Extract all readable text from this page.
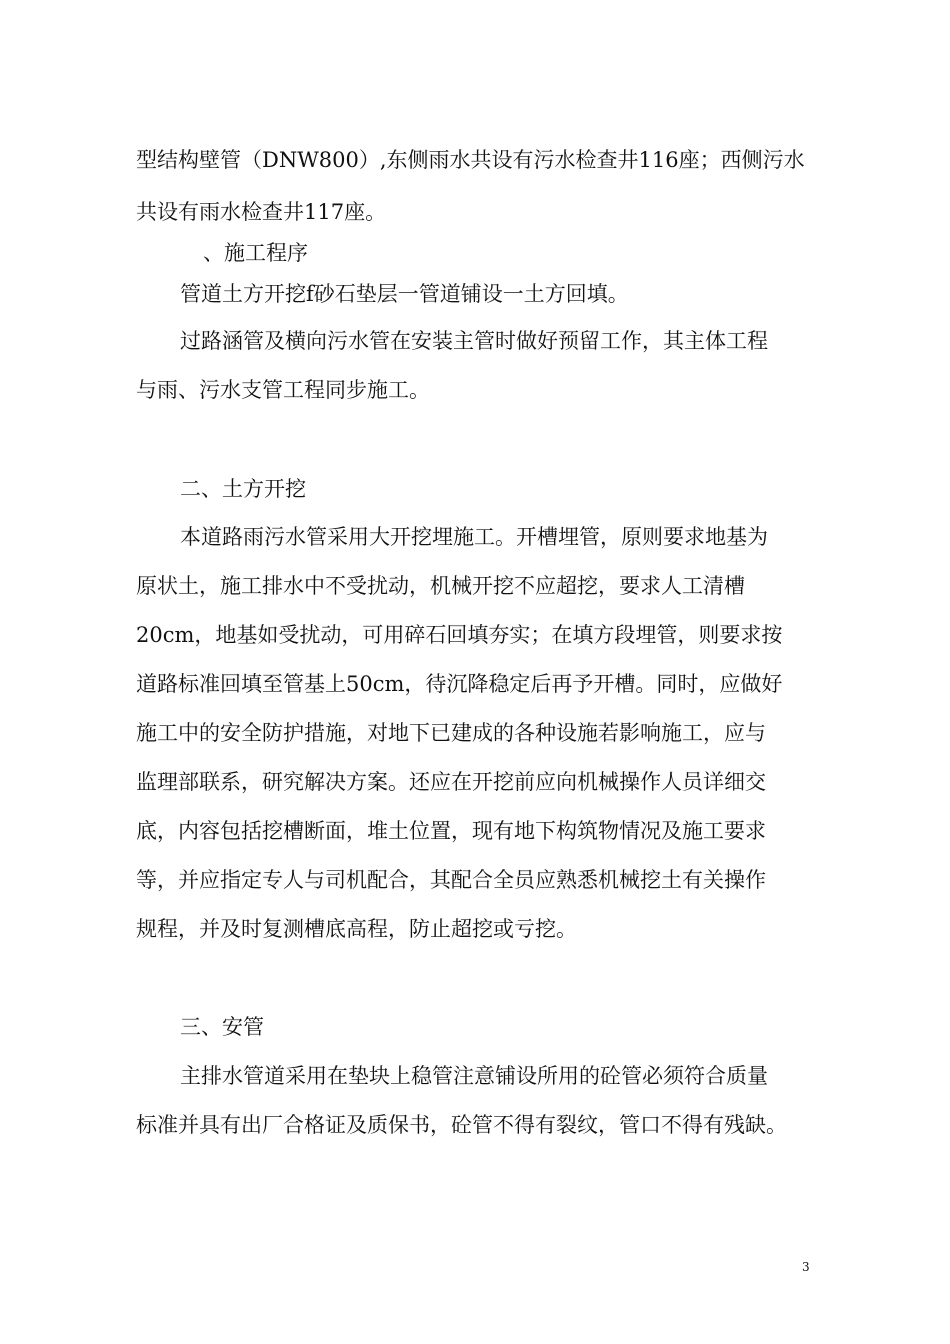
型结构壁管（DNW800）,东侧雨水共设有污水检查井116座；西侧污水
共设有雨水检查井117座。
、施工程序
管道土方开挖f砂石垫层一管道铺设一土方回填。
过路涵管及横向污水管在安装主管时做好预留工作，其主体工程
与雨、污水支管工程同步施工。
二、土方开挖
本道路雨污水管采用大开挖埋施工。开槽埋管，原则要求地基为
原状土，施工排水中不受扰动，机械开挖不应超挖，要求人工清槽
20cm，地基如受扰动，可用碎石回填夯实；在填方段埋管，则要求按
道路标准回填至管基上50cm，待沉降稳定后再予开槽。同时，应做好
施工中的安全防护措施，对地下已建成的各种设施若影响施工，应与
监理部联系，研究解决方案。还应在开挖前应向机械操作人员详细交
底，内容包括挖槽断面，堆土位置，现有地下构筑物情况及施工要求
等，并应指定专人与司机配合，其配合全员应熟悉机械挖土有关操作
规程，并及时复测槽底高程，防止超挖或亏挖。
三、安管
主排水管道采用在垫块上稳管注意铺设所用的砼管必须符合质量
标准并具有出厂合格证及质保书，砼管不得有裂纹，管口不得有残缺。
3
